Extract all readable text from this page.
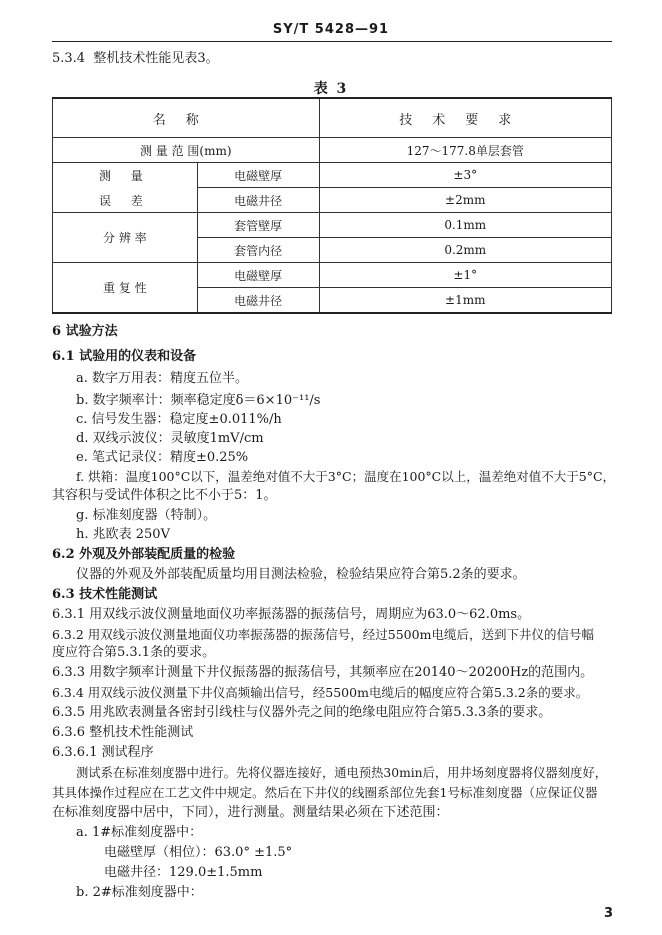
SY/T 5428—91
5.3.4 整机技术性能见表3。
表 3
名称		技术要求
测 量 范 围(mm)		127～177.8单层套管

测 量
误 差	电磁壁厚	±3°
	电磁井径	±2mm
分 辨 率	套管壁厚	0.1mm
	套管内径	0.2mm
重 复 性	电磁壁厚	±1°
	电磁井径	±1mm
6 试验方法
6.1 试验用的仪表和设备
a. 数字万用表：精度五位半。
b. 数字频率计：频率稳定度δ＝6×10⁻¹¹/s
c. 信号发生器：稳定度±0.011%/h
d. 双线示波仪：灵敏度1mV/cm
e. 笔式记录仪：精度±0.25%
f. 烘箱：温度100°C以下，温差绝对值不大于3°C；温度在100°C以上，温差绝对值不大于5°C，
其容积与受试件体积之比不小于5：1。
g. 标准刻度器（特制）。
h. 兆欧表 250V
6.2 外观及外部装配质量的检验
仪器的外观及外部装配质量均用目测法检验，检验结果应符合第5.2条的要求。
6.3 技术性能测试
6.3.1 用双线示波仪测量地面仪功率振荡器的振荡信号，周期应为63.0～62.0ms。
6.3.2 用双线示波仪测量地面仪功率振荡器的振荡信号，经过5500m电缆后，送到下井仪的信号幅
度应符合第5.3.1条的要求。
6.3.3 用数字频率计测量下井仪振荡器的振荡信号，其频率应在20140～20200Hz的范围内。
6.3.4 用双线示波仪测量下井仪高频输出信号，经5500m电缆后的幅度应符合第5.3.2条的要求。
6.3.5 用兆欧表测量各密封引线柱与仪器外壳之间的绝缘电阻应符合第5.3.3条的要求。
6.3.6 整机技术性能测试
6.3.6.1 测试程序
测试系在标准刻度器中进行。先将仪器连接好，通电预热30min后，用井场刻度器将仪器刻度好，
其具体操作过程应在工艺文件中规定。然后在下井仪的线圈系部位先套1号标准刻度器（应保证仪器
在标准刻度器中居中，下同），进行测量。测量结果必须在下述范围：
a. 1#标准刻度器中：
电磁壁厚（相位）：63.0° ±1.5°
电磁井径：129.0±1.5mm
b. 2#标准刻度器中：
3
